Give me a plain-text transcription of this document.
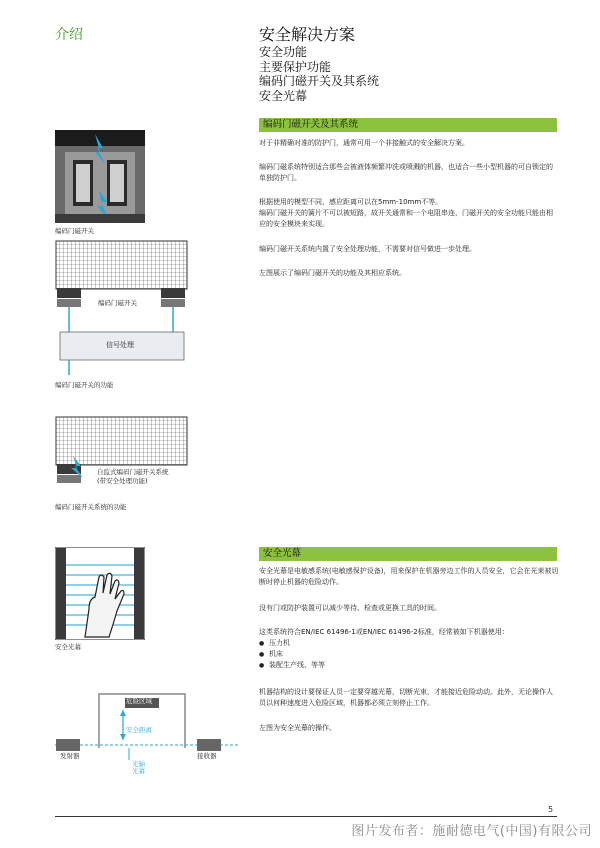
介绍	安全解决方案
安全功能
主要保护功能
编码门磁开关及其系统
安全光幕
编码门磁开关及其系统
对于非精确对准的防护门，通常可用一个非接触式的安全解决方案。
编码门磁系统特别适合那些会被液体频繁冲洗或喷溅的机器，也适合一些小型机器的可自锁定的单独防护门。
根据使用的模型不同，感应距离可以在5mm-10mm不等。
编码门磁开关的簧片不可以被短路，故开关通常和一个电阻串连，门磁开关的安全功能只能由相应的安全模块来实现。
编码门磁开关系统内置了安全处理功能，不需要对信号做进一步处理。
左图展示了编码门磁开关的功能及其相应系统。
编码门磁开关
编码门磁开关
信号处理
编码门磁开关的功能
自监式编码门磁开关系统
(带安全处理功能)
编码门磁开关系统的功能
安全光幕
安全光幕是电敏感系统(电敏感保护设备)，用来保护在机器旁边工作的人员安全，它会在光束被切断时停止机器的危险动作。
没有门或防护装置可以减少等待、检查或更换工具的时间。
这类系统符合EN/IEC 61496-1或EN/IEC 61496-2标准，经常被如下机器使用：
● 压力机
● 机床
● 装配生产线、等等
机器结构的设计要保证人员一定要穿越光幕，切断光束，才能接近危险动动。此外，无论操作人员以何种速度进入危险区域，机器都必须立刻停止工作。
左图为安全光幕的操作。
安全光幕
危险区域
安全距离
发射器	接收器
光轴
光幕
5
图片发布者：施耐德电气(中国)有限公司
